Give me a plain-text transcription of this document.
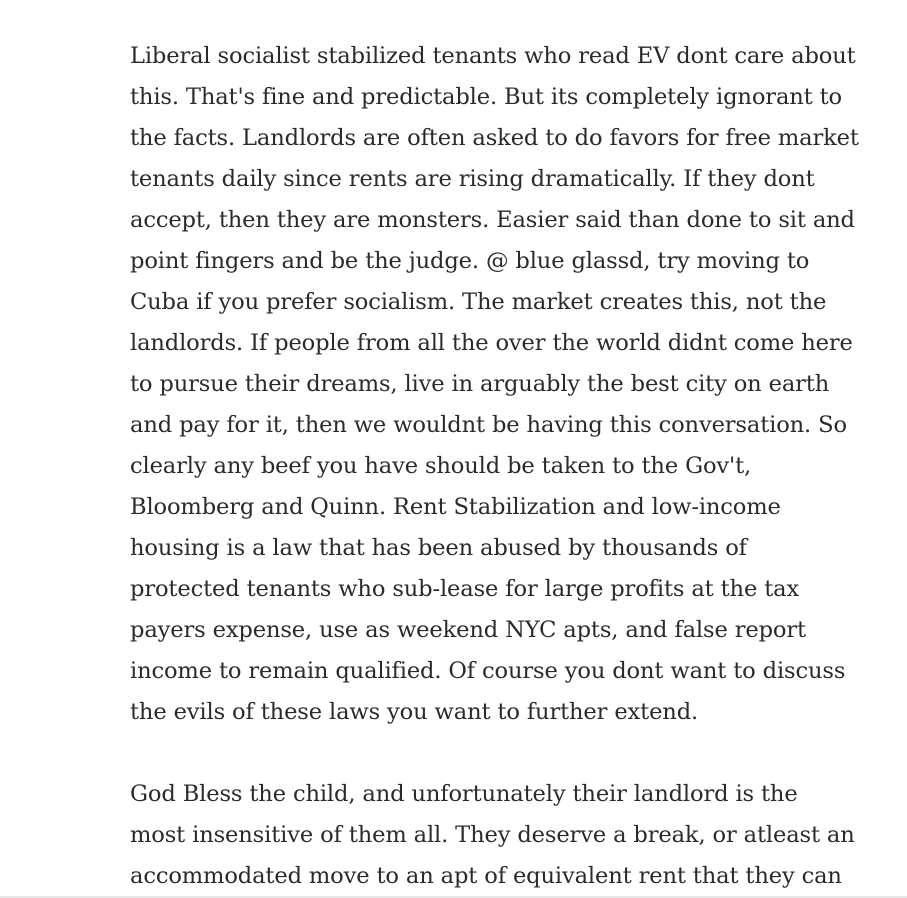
Liberal socialist stabilized tenants who read EV dont care about
this. That's fine and predictable. But its completely ignorant to
the facts. Landlords are often asked to do favors for free market
tenants daily since rents are rising dramatically. If they dont
accept, then they are monsters. Easier said than done to sit and
point fingers and be the judge. @ blue glassd, try moving to
Cuba if you prefer socialism. The market creates this, not the
landlords. If people from all the over the world didnt come here
to pursue their dreams, live in arguably the best city on earth
and pay for it, then we wouldnt be having this conversation. So
clearly any beef you have should be taken to the Gov't,
Bloomberg and Quinn. Rent Stabilization and low-income
housing is a law that has been abused by thousands of
protected tenants who sub-lease for large profits at the tax
payers expense, use as weekend NYC apts, and false report
income to remain qualified. Of course you dont want to discuss
the evils of these laws you want to further extend.

God Bless the child, and unfortunately their landlord is the
most insensitive of them all. They deserve a break, or atleast an
accommodated move to an apt of equivalent rent that they can
